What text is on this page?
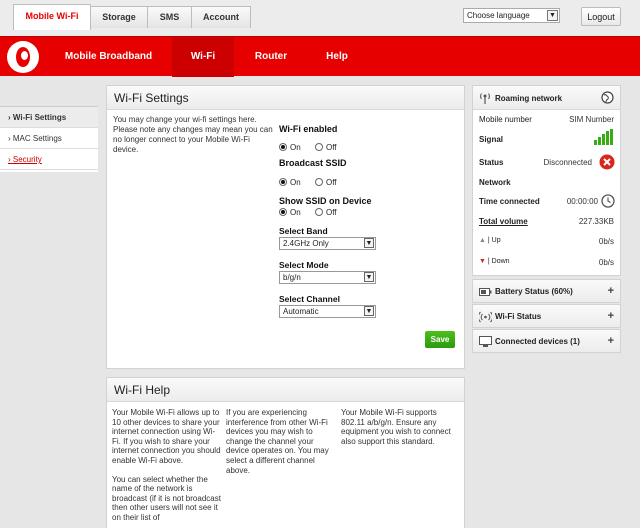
Mobile Wi-Fi	Storage	SMS	Account	Choose language	▼	Logout
Mobile Broadband	Wi-Fi	Router	Help
› Wi-Fi Settings
› MAC Settings
› Security
Wi-Fi Settings
You may change your wi-fi settings here. Please note any changes may mean you can no longer connect to your Mobile Wi-Fi device.
Wi-Fi enabled
On	Off
Broadcast SSID
On	Off
Show SSID on Device
On	Off
Select Band
2.4GHz Only	▼
Select Mode
b/g/n	▼
Select Channel
Automatic	▼
Save
Wi-Fi Help
Your Mobile Wi-Fi allows up to 10 other devices to share your internet connection using Wi-Fi. If you wish to share your internet connection you should enable Wi-Fi above.
You can select whether the name of the network is broadcast (if it is not broadcast then other users will not see it on their list of
If you are experiencing interference from other Wi-Fi devices you may wish to change the channel your device operates on. You may select a different channel above.
Your Mobile Wi-Fi supports 802.11 a/b/g/n. Ensure any equipment you wish to connect also support this standard.
Roaming network
Mobile number	SIM Number
Signal
Status	Disconnected
Network
Time connected	00:00:00
Total volume	227.33KB
▲ | Up	0b/s
▼ | Down	0b/s
Battery Status (60%)	+
Wi-Fi Status	+
Connected devices (1)	+
